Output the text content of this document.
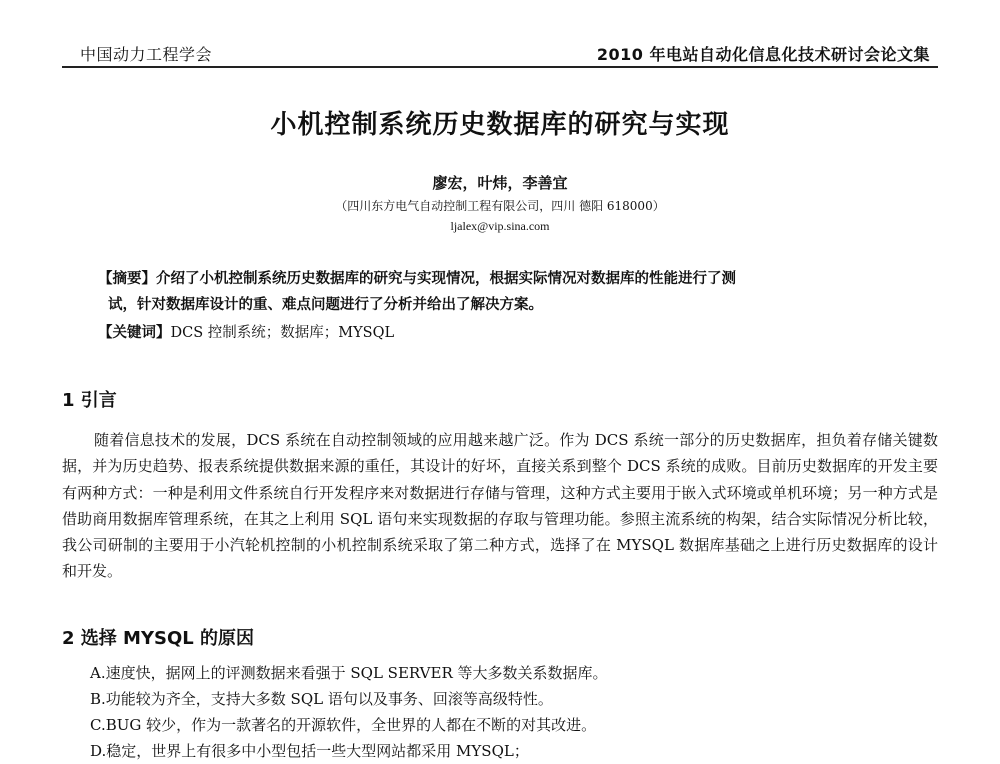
中国动力工程学会	2010 年电站自动化信息化技术研讨会论文集
小机控制系统历史数据库的研究与实现
廖宏，叶炜，李善宜
（四川东方电气自动控制工程有限公司，四川 德阳 618000）
ljalex@vip.sina.com
【摘要】介绍了小机控制系统历史数据库的研究与实现情况，根据实际情况对数据库的性能进行了测
试，针对数据库设计的重、难点问题进行了分析并给出了解决方案。
【关键词】DCS 控制系统；数据库；MYSQL
1 引言
随着信息技术的发展，DCS 系统在自动控制领域的应用越来越广泛。作为 DCS 系统一部分的历史数据库，担负着存储关键数据，并为历史趋势、报表系统提供数据来源的重任，其设计的好坏，直接关系到整个 DCS 系统的成败。目前历史数据库的开发主要有两种方式：一种是利用文件系统自行开发程序来对数据进行存储与管理，这种方式主要用于嵌入式环境或单机环境；另一种方式是借助商用数据库管理系统，在其之上利用 SQL 语句来实现数据的存取与管理功能。参照主流系统的构架，结合实际情况分析比较，我公司研制的主要用于小汽轮机控制的小机控制系统采取了第二种方式，选择了在 MYSQL 数据库基础之上进行历史数据库的设计和开发。
2 选择 MYSQL 的原因
A.速度快，据网上的评测数据来看强于 SQL SERVER 等大多数关系数据库。
B.功能较为齐全，支持大多数 SQL 语句以及事务、回滚等高级特性。
C.BUG 较少，作为一款著名的开源软件，全世界的人都在不断的对其改进。
D.稳定，世界上有很多中小型包括一些大型网站都采用 MYSQL；
